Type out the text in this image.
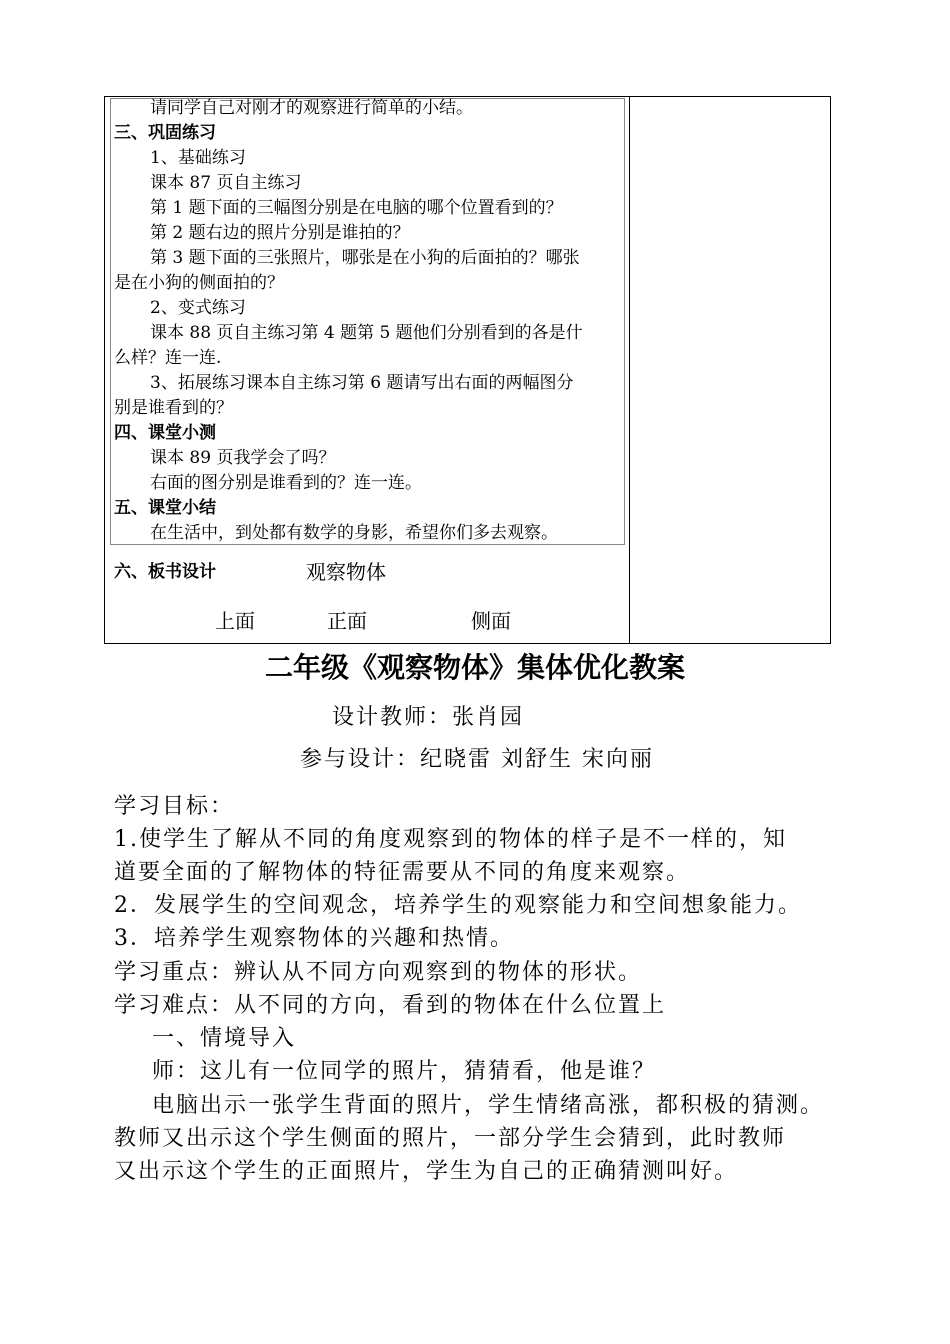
请同学自己对刚才的观察进行简单的小结。
三、巩固练习
1、基础练习
课本 87 页自主练习
第 1 题下面的三幅图分别是在电脑的哪个位置看到的？
第 2 题右边的照片分别是谁拍的？
第 3 题下面的三张照片，哪张是在小狗的后面拍的？哪张
是在小狗的侧面拍的？
2、变式练习
课本 88 页自主练习第 4 题第 5 题他们分别看到的各是什
么样？连一连.
3、拓展练习课本自主练习第 6 题请写出右面的两幅图分
别是谁看到的？
四、课堂小测
课本 89 页我学会了吗？
右面的图分别是谁看到的？连一连。
五、课堂小结
在生活中，到处都有数学的身影，希望你们多去观察。
六、板书设计	观察物体
上面	正面	侧面
二年级《观察物体》集体优化教案
设计教师：张肖园
参与设计：纪晓雷 刘舒生 宋向丽
学习目标：
1.使学生了解从不同的角度观察到的物体的样子是不一样的，知
道要全面的了解物体的特征需要从不同的角度来观察。
2．发展学生的空间观念，培养学生的观察能力和空间想象能力。
3．培养学生观察物体的兴趣和热情。
学习重点：辨认从不同方向观察到的物体的形状。
学习难点：从不同的方向，看到的物体在什么位置上
一、情境导入
师：这儿有一位同学的照片，猜猜看，他是谁？
电脑出示一张学生背面的照片，学生情绪高涨，都积极的猜测。
教师又出示这个学生侧面的照片，一部分学生会猜到，此时教师
又出示这个学生的正面照片，学生为自己的正确猜测叫好。
